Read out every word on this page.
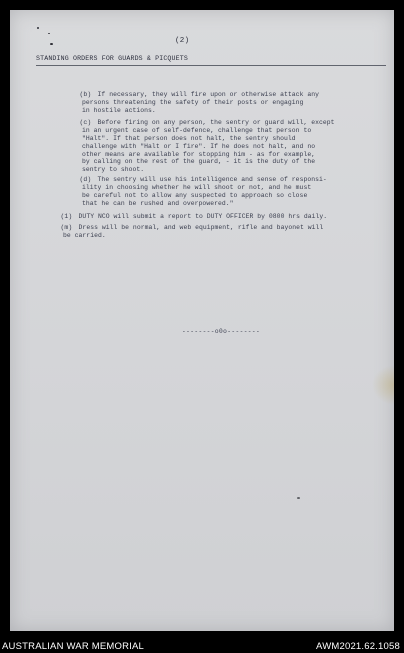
(2)
STANDING ORDERS FOR GUARDS & PICQUETS

(b) If necessary, they will fire upon or otherwise attack any
persons threatening the safety of their posts or engaging
in hostile actions.

(c) Before firing on any person, the sentry or guard will, except
in an urgent case of self-defence, challenge that person to
"Halt". If that person does not halt, the sentry should
challenge with "Halt or I fire". If he does not halt, and no
other means are available for stopping him - as for example,
by calling on the rest of the guard, - it is the duty of the
sentry to shoot.

(d) The sentry will use his intelligence and sense of responsi-
ility in choosing whether he will shoot or not, and he must
be careful not to allow any suspected to approach so close
that he can be rushed and overpowered."

(1) DUTY NCO will submit a report to DUTY OFFICER by 0800 hrs daily.

(m) Dress will be normal, and web equipment, rifle and bayonet will
be carried.

--------o0o--------
AUSTRALIAN WAR MEMORIAL	AWM2021.62.1058
